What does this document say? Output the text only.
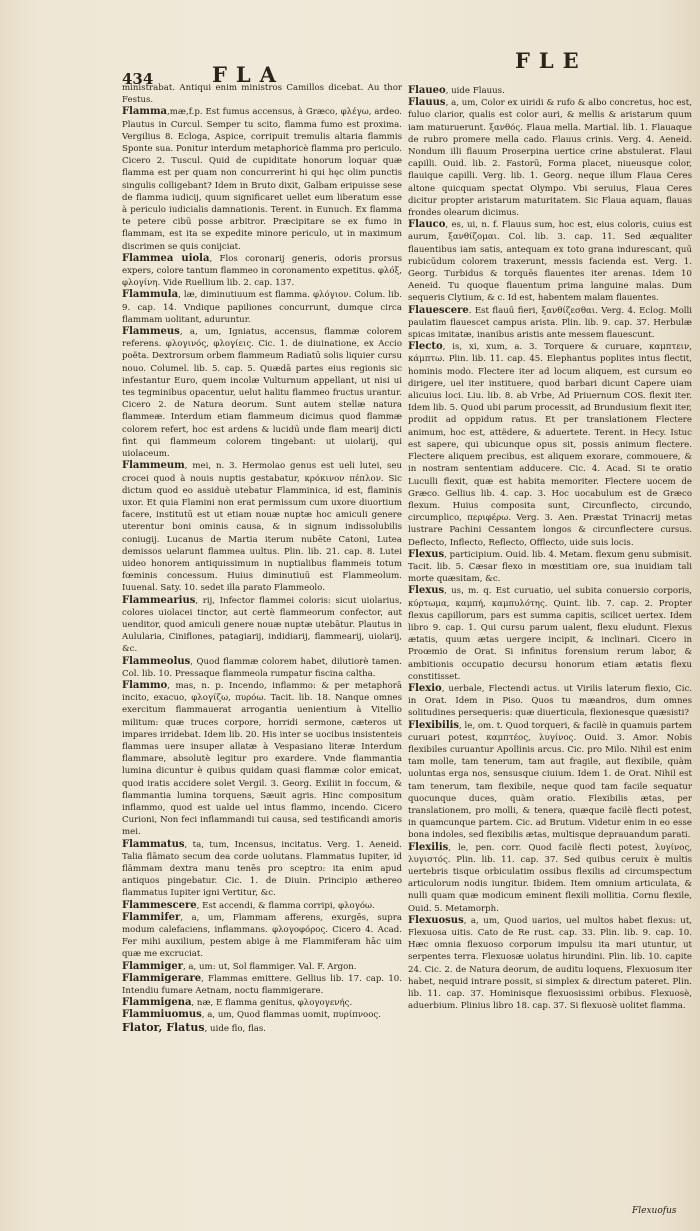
434	FLA
FLE

ministrabat. Antiqui enim ministros Camillos dicebat. Au thor Festus.

Flamma,mæ,f.p. Est fumus accensus, à Græco, φλέγω, ardeo. Plautus in Curcul. Semper tu scito, flamma fumo est proxima. Vergilius 8. Ecloga, Aspice, corripuit tremulis altaria flammis Sponte sua. Ponitur interdum metaphoricè flamma pro periculo. Cicero 2. Tuscul. Quid de cupiditate honorum loquar quæ flamma est per quam non concurrerint hi qui hęc olim punctis singulis colligebant? Idem in Bruto dixit, Galbam eripuisse sese de flamma iudicij, quum significaret uellet eum liberatum esse à periculo iudicialis damnationis. Terent. in Eunuch. Ex flamma te petere cibū posse arbitror. Præcipitare se ex fumo in flammam, est ita se expedite minore periculo, ut in maximum discrimen se quis conijciat.

Flammea uiola, Flos coronarij generis, odoris prorsus expers, colore tantum flammeo in coronamento expetitus. φλόξ, φλογίνη. Vide Ruellium lib. 2. cap. 137.

Flammula, læ, diminutiuum est flamma. φλόγιον. Colum. lib. 9. cap. 14. Vndique papiliones concurrunt, dumque circa flammam uolitant, aduruntur.

Flammeus, a, um, Igniatus, accensus, flammæ colorem referens. φλογινός, φλογίεις. Cic. 1. de diuinatione, ex Accio poëta. Dextrorsum orbem flammeum Radiatū solis liquier cursu nouo. Columel. lib. 5. cap. 5. Quædā partes eius regionis sic infestantur Euro, quem incolæ Vulturnum appellant, ut nisi ui tes tegminibus opacentur, uelut halitu flammeo fructus urantur. Cicero 2. de Natura deorum. Sunt autem stellæ natura flammeæ. Interdum etiam flammeum dicimus quod flammæ colorem refert, hoc est ardens & lucidū unde flam mearij dicti fint qui flammeum colorem tingebant: ut uiolarij, qui uiolaceum.

Flammeum, mei, n. 3. Hermolao genus est ueli lutei, seu crocei quod à nouis nuptis gestabatur, κρόκινον πέπλον. Sic dictum quod eo assiduè utebatur Flamminica, id est, flaminis uxor. Et quia Flamini non erat permissum cum uxore diuortium facere, institutū est ut etiam nouæ nuptæ hoc amiculi genere uterentur boni ominis causa, & in signum indissolubilis coniugij. Lucanus de Martia iterum nubēte Catoni, Lutea demissos uelarunt flammea uultus. Plin. lib. 21. cap. 8. Lutei uideo honorem antiquissimum in nuptialibus flammeis totum fœminis concessum. Huius diminutiuū est Flammeolum. Iuuenal. Saty. 10. sedet illa parato Flammeolo.

Flammearius, rij, Infector flammei coloris: sicut uiolarius, colores uiolacei tinctor, aut certè flammeorum confector, aut uenditor, quod amiculi genere nouæ nuptæ utebātur. Plautus in Aulularia, Ciniflones, patagiarij, indidiarij, flammearij, uiolarij, &c.

Flammeolus, Quod flammæ colorem habet, dilutiorè tamen. Col. lib. 10. Pressaque flammeola rumpatur fiscina caltha.

Flammo, mas, n. p. Incendo, inflammo: & per metaphorā incito, exacuo, φλογίζω, πυρόω. Tacit. lib. 18. Nanque omnes exercitum flammauerat arrogantia uenientium à Vitellio militum: quæ truces corpore, horridi sermone, cæteros ut impares irridebat. Idem lib. 20. His inter se uocibus insistenteis flammas uere insuper allatæ à Vespasiano literæ Interdum flammare, absolutè legitur pro exardere. Vnde flammantia lumina dicuntur è quibus quidam quasi flammæ color emicat, quod iratis accidere solet Vergil. 3. Georg. Exiliit in foccum, & flammantia lumina torquens, Sæuit agris. Hinc compositum inflammo, quod est ualde uel intus flammo, incendo. Cicero Curioni, Non feci inflammandi tui causa, sed testificandi amoris mei.

Flammatus, ta, tum, Incensus, incitatus. Verg. 1. Aeneid. Talia flāmato secum dea corde uolutans. Flammatus Iupiter, id flāmmam dextra manu tenēs pro sceptro: ita enim apud antiquos pingebatur. Cic. 1. de Diuin. Principio æthereo flammatus Iupiter igni Vertitur, &c.

Flammescere, Est accendi, & flamma corripi, φλογόω.

Flammifer, a, um, Flammam afferens, exurgēs, supra modum calefaciens, inflammans. φλογοφόρος. Cicero 4. Acad. Fer mihi auxilium, pestem abige à me Flammiferam hāc uim quæ me excruciat.

Flammiger, a, um: ut, Sol flammiger. Val. F. Argon.

Flammigerare, Flammas emittere. Gellius lib. 17. cap. 10. Intendiu fumare Aetnam, noctu flammigerare.

Flammigena, næ, E flamma genitus, φλογογενής.

Flammiuomus, a, um, Quod flammas uomit, πυρίπνοος.

Flator, Flatus, uide flo, flas.

Flaueo, uide Flauus.

Flauus, a, um, Color ex uiridi & rufo & albo concretus, hoc est, fuluo clarior, qualis est color auri, & mellis & aristarum quum iam maturuerunt. ξανθός. Flaua mella. Martial. lib. 1. Flauaque de rubro promere mella cado. Flauus crinis. Verg. 4. Aeneid. Nondum illi flauum Proserpina uertice crine abstulerat. Flaui capilli. Ouid. lib. 2. Fastorū, Forma placet, niueusque color, flauique capilli. Verg. lib. 1. Georg. neque illum Flaua Ceres altone quicquam spectat Olympo. Vbi seruius, Flaua Ceres dicitur propter aristarum maturitatem. Sic Flaua aquam, flauas frondes olearum dicimus.

Flauco, es, ui, n. f. Flauus sum, hoc est, eius coloris, cuius est aurum, ξανθίζομαι. Col. lib. 3. cap. 11. Sed æqualiter flauentibus iam satis, antequam ex toto grana indurescant, quū rubicūdum colorem traxerunt, messis facienda est. Verg. 1. Georg. Turbidus & torquēs flauentes iter arenas. Idem 10 Aeneid. Tu quoque flauentum prima languine malas. Dum sequeris Clytium, & c. Id est, habentem malam flauentes.

Flauescere. Est flauū fieri, ξανθίζεσθαι. Verg. 4. Eclog. Molli paulatim flauescet campus arista. Plin. lib. 9. cap. 37. Herbulæ spicas imitatæ, inanibus aristis ante messem flauescunt.

Flecto, is, xi, xum, a. 3. Torquere & curuare, καμπτειν, κάμπτω. Plin. lib. 11. cap. 45. Elephantus poplites intus flectit, hominis modo. Flectere iter ad locum aliquem, est cursum eo dirigere, uel iter instituere, quod barbari dicunt Capere uiam alicuius loci. Liu. lib. 8. ab Vrbe, Ad Priuernum COS. flexit iter. Idem lib. 5. Quod ubi parum processit, ad Brundusium flexit iter, prodiit ad oppidum ratus. Et per translationem Flectere animum, hoc est, attëdere, & aduertete. Terent. in Hecy. Istuc est sapere, qui ubicunque opus sit, possis animum flectere. Flectere aliquem precibus, est aliquem exorare, commouere, & in nostram sententiam adducere. Cic. 4. Acad. Si te oratio Luculli flexit, quæ est habita memoriter. Flectere uocem de Græco. Gellius lib. 4. cap. 3. Hoc uocabulum est de Græco flexum. Huius composita sunt, Circunflecto, circundo, circumplico, περιφέρω. Verg. 3. Aen. Præstat Trinacrij metas lustrare Pachini Cessantem longos & circunflectere cursus. Deflecto, Inflecto, Reflecto, Offlecto, uide suis locis.

Flexus, participium. Ouid. lib. 4. Metam. flexum genu submisit. Tacit. lib. 5. Cæsar flexo in mœstitiam ore, sua inuidiam tali morte quæsitam, &c.

Flexus, us, m. q. Est curuatio, uel subita conuersio corporis, κύρτωμα, καμπή, καμπυλότης. Quint. lib. 7. cap. 2. Propter flexus capillorum, pars est summa capitis, scilicet uertex. Idem libro 9. cap. 1. Qui cursu parum ualent, flexu eludunt. Flexus ætatis, quum ætas uergere incipit, & inclinari. Cicero in Proœmio de Orat. Si infinitus forensium rerum labor, & ambitionis occupatio decursu honorum etiam ætatis flexu constitisset.

Flexio, uerbale, Flectendi actus. ut Virilis laterum flexio, Cic. in Orat. Idem in Piso. Quos tu mæandros, dum omnes solitudines persequeris: quæ diuerticula, flexionesque quæsisti?

Flexibilis, le, om. t. Quod torqueri, & facilè in quamuis partem curuari potest, καμπτέος, λυγίνος. Ouid. 3. Amor. Nobis flexibiles curuantur Apollinis arcus. Cic. pro Milo. Nihil est enim tam molle, tam tenerum, tam aut fragile, aut flexibile, quàm uoluntas erga nos, sensusque ciuium. Idem 1. de Orat. Nihil est tam tenerum, tam flexibile, neque quod tam facile sequatur quocunque duces, quàm oratio. Flexibilis ætas, per translationem, pro molli, & tenera, quæque facilè flecti potest, in quamcunque partem. Cic. ad Brutum. Videtur enim in eo esse bona indoles, sed flexibilis ætas, multisque deprauandum parati.

Flexilis, le, pen. corr. Quod facilè flecti potest, λυγίνος, λυγιστός. Plin. lib. 11. cap. 37. Sed quibus ceruix è multis uertebris tisque orbiculatim ossibus flexilis ad circumspectum articulorum nodis iungitur. Ibidem. Item omnium articulata, & nulli quam quæ modicum eminent flexili mollitia. Cornu flexile, Ouid. 5. Metamorph.

Flexuosus, a, um, Quod uarios, uel multos habet flexus: ut, Flexuosa uitis. Cato de Re rust. cap. 33. Plin. lib. 9. cap. 10. Hæc omnia flexuoso corporum impulsu ita mari utuntur, ut serpentes terra. Flexuosæ uolatus hirundini. Plin. lib. 10. capite 24. Cic. 2. de Natura deorum, de auditu loquens, Flexuosum iter habet, nequid intrare possit, si simplex & directum pateret. Plin. lib. 11. cap. 37. Hominisque flexuosissimi orbibus. Flexuosè, aduerbium. Plinius libro 18. cap. 37. Si flexuosè uolitet flamma.

Flexuofus
